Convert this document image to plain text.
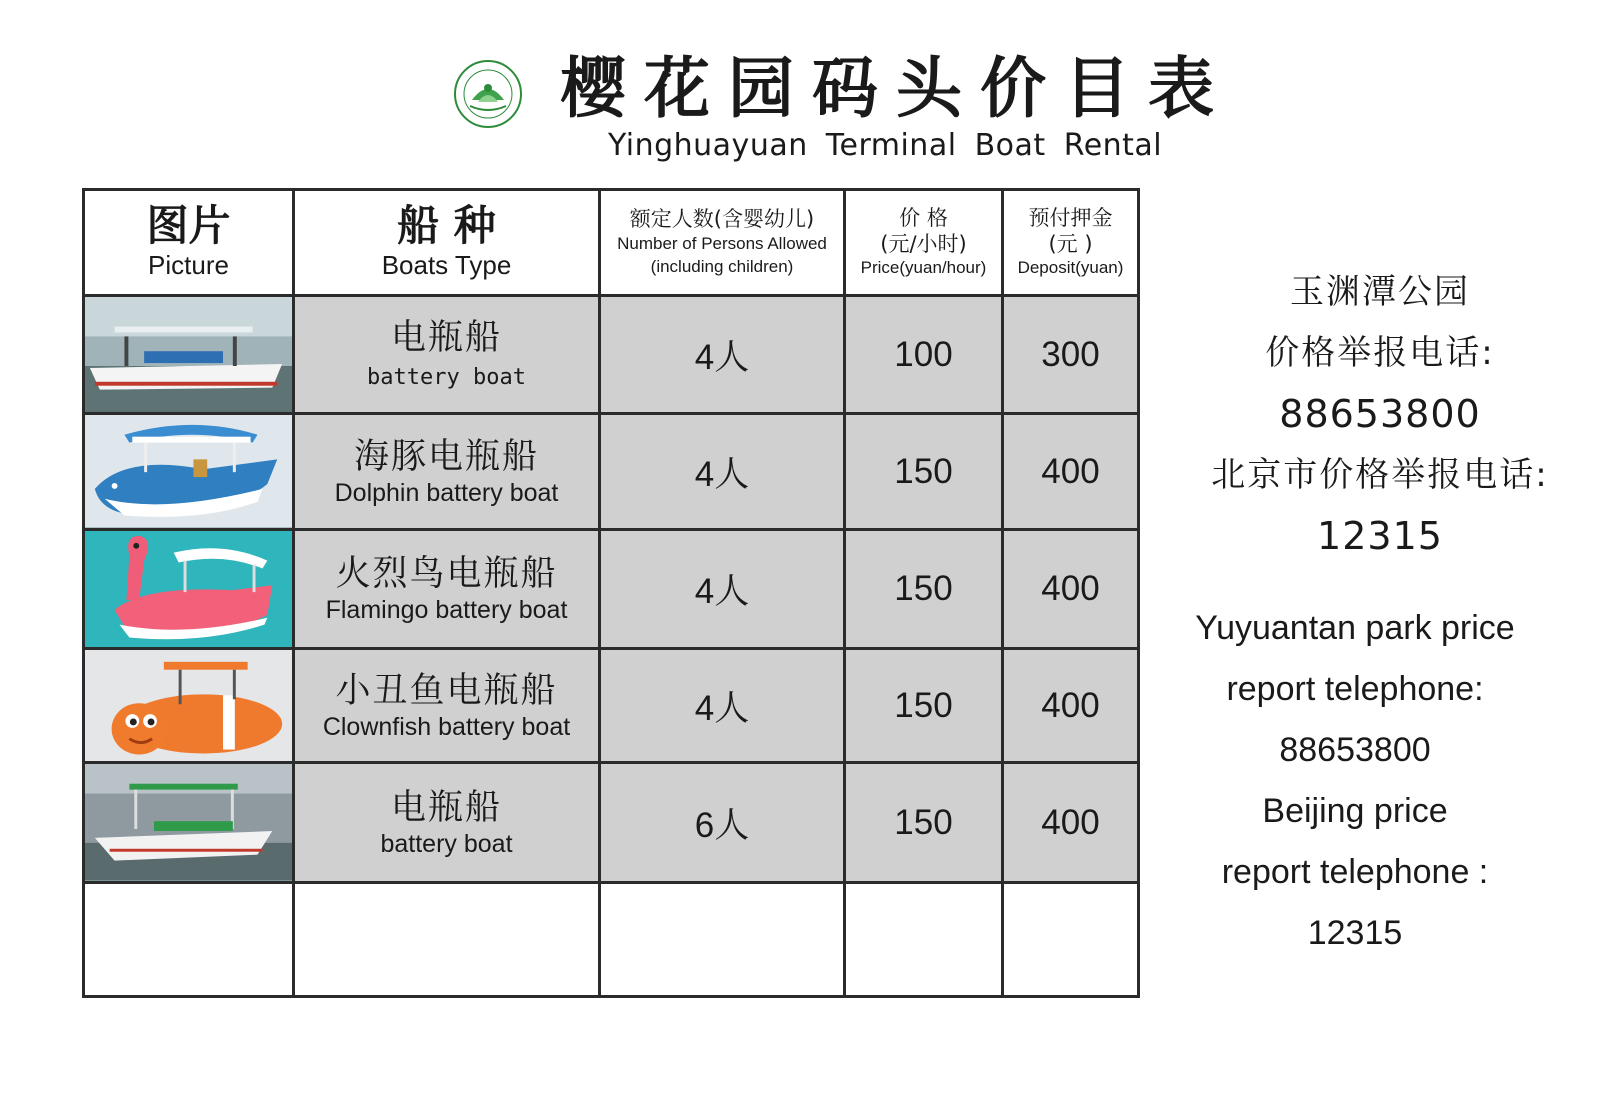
樱花园码头价目表
Yinghuayuan Terminal Boat Rental
图片
Picture	船 种
Boats Type	额定人数(含婴幼儿)
Number of Persons Allowed
(including children)	价 格
(元/小时)
Price(yuan/hour)	预付押金
(元 )
Deposit(yuan)

电瓶船
battery boat	4人	100	300

海豚电瓶船
Dolphin battery boat	4人	150	400

火烈鸟电瓶船
Flamingo battery boat	4人	150	400

小丑鱼电瓶船
Clownfish battery boat	4人	150	400

电瓶船
battery boat	6人	150	400

玉渊潭公园
价格举报电话:
88653800
北京市价格举报电话:
12315
Yuyuantan park price
report telephone:
88653800
Beijing price
report telephone :
12315
